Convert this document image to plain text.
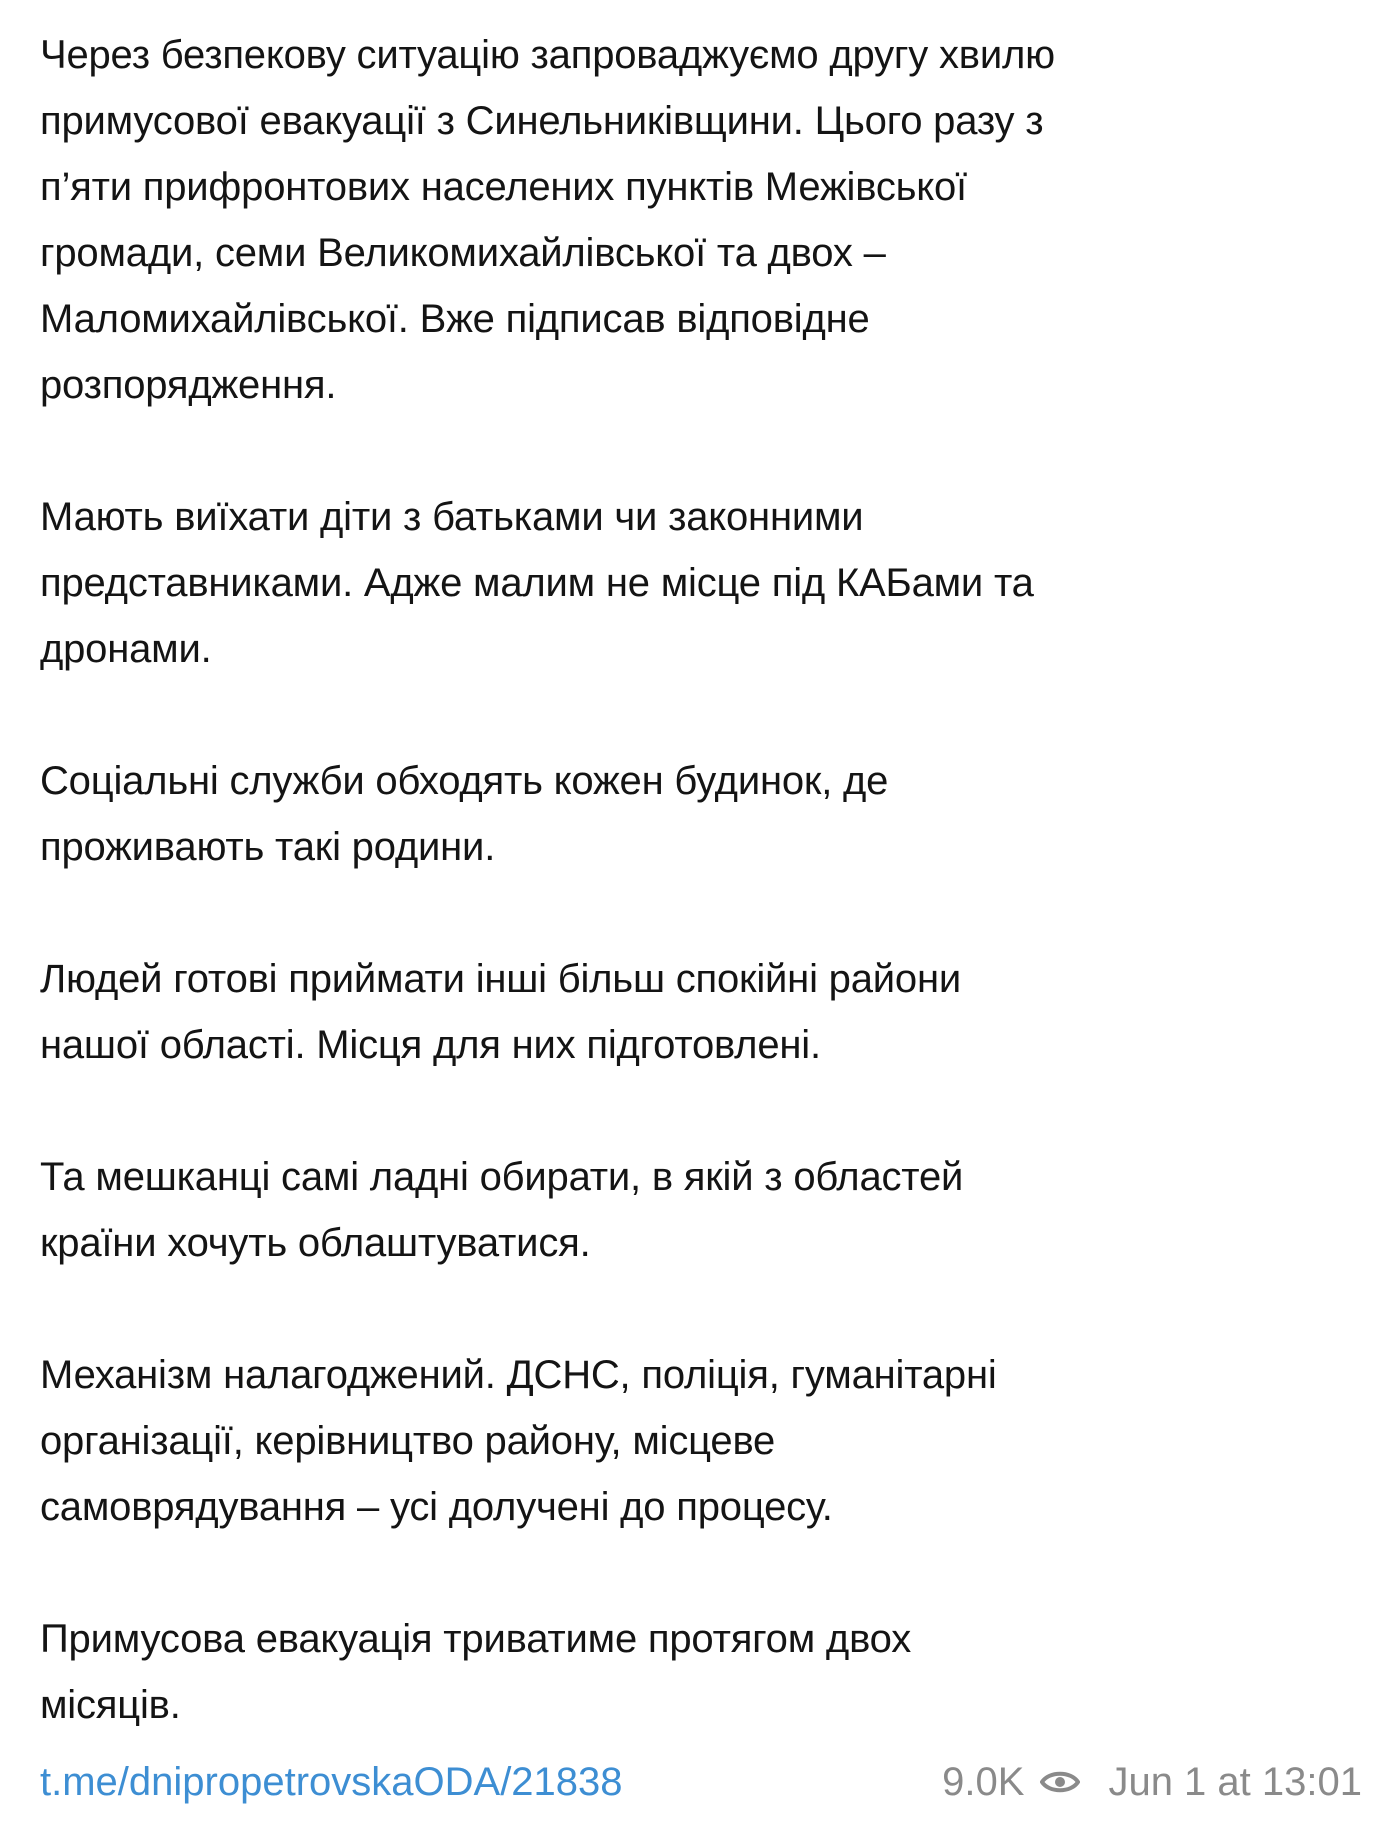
Через безпекову ситуацію запроваджуємо другу хвилю
примусової евакуації з Синельниківщини. Цього разу з
п’яти прифронтових населених пунктів Межівської
громади, семи Великомихайлівської та двох –
Маломихайлівської. Вже підписав відповідне
розпорядження.

Мають виїхати діти з батьками чи законними
представниками. Адже малим не місце під КАБами та
дронами.

Соціальні служби обходять кожен будинок, де
проживають такі родини.

Людей готові приймати інші більш спокійні райони
нашої області. Місця для них підготовлені.

Та мешканці самі ладні обирати, в якій з областей
країни хочуть облаштуватися.

Механізм налагоджений. ДСНС, поліція, гуманітарні
організації, керівництво району, місцеве
самоврядування – усі долучені до процесу.

Примусова евакуація триватиме протягом двох
місяців.

t.me/dnipropetrovskaODA/21838	9.0K Jun 1 at 13:01
